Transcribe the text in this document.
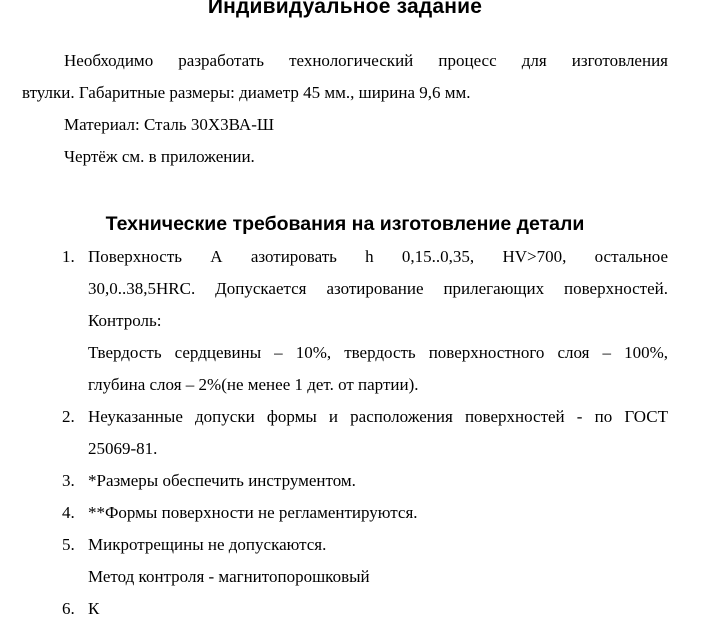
Индивидуальное задание
Необходимо разработать технологический процесс для изготовления
втулки. Габаритные размеры: диаметр 45 мм., ширина 9,6 мм.
Материал: Сталь 30Х3ВА-Ш
Чертёж см. в приложении.
Технические требования на изготовление детали
1. Поверхность А азотировать h 0,15..0,35, HV>700, остальное
30,0..38,5HRC. Допускается азотирование прилегающих поверхностей.
Контроль:
Твердость сердцевины – 10%, твердость поверхностного слоя – 100%,
глубина слоя – 2%(не менее 1 дет. от партии).
2. Неуказанные допуски формы и расположения поверхностей - по ГОСТ
25069-81.
3. *Размеры обеспечить инструментом.
4. **Формы поверхности не регламентируются.
5. Микротрещины не допускаются.
Метод контроля - магнитопорошковый
6. К
